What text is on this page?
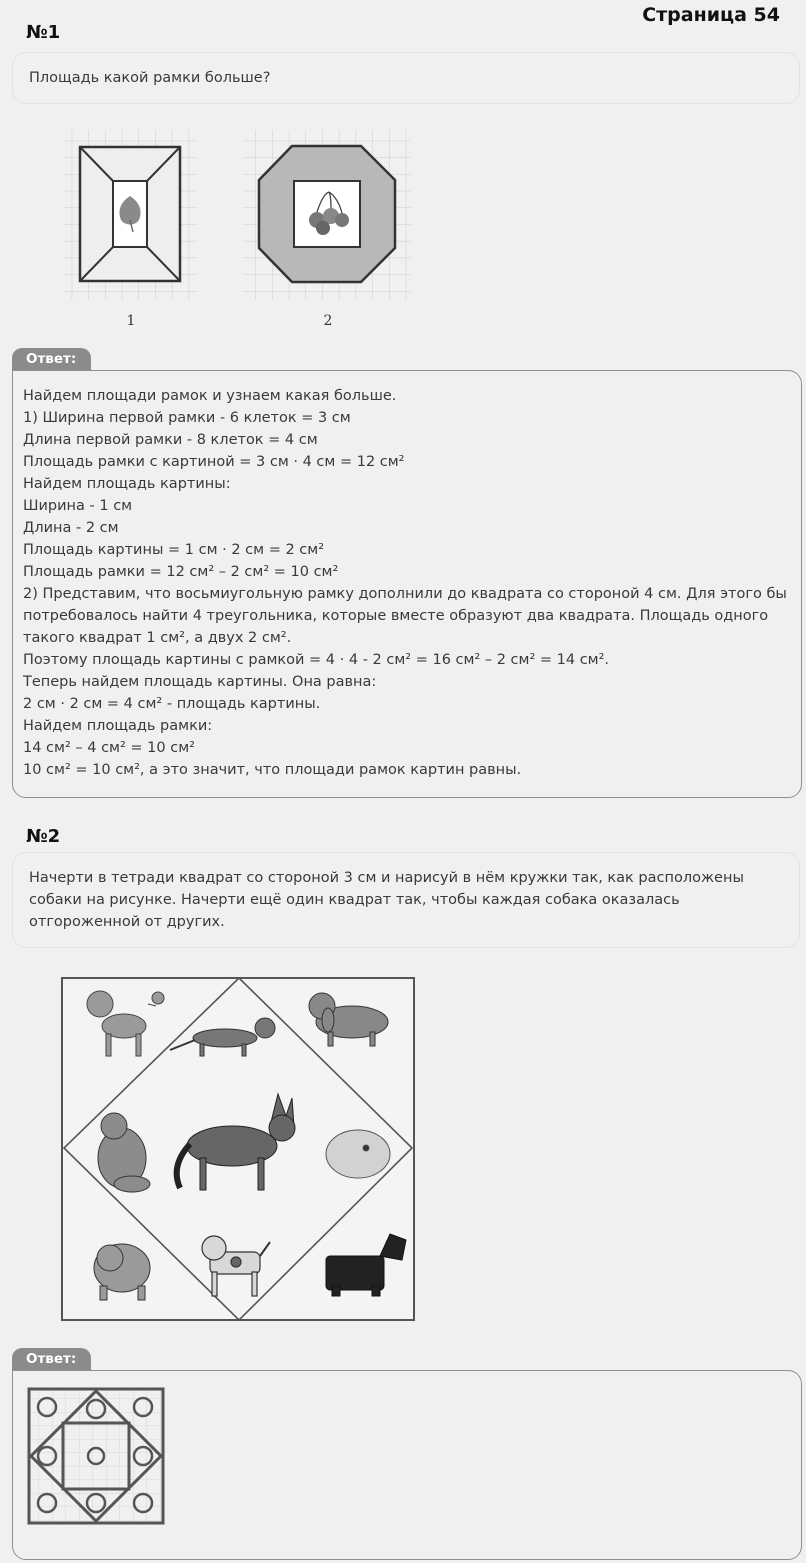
Страница 54
№1
Площадь какой рамки больше?
1	2
Ответ:
Найдем площади рамок и узнаем какая больше.
1) Ширина первой рамки - 6 клеток = 3 см
Длина первой рамки - 8 клеток = 4 см
Площадь рамки с картиной = 3 см · 4 см = 12 см²
Найдем площадь картины:
Ширина - 1 см
Длина - 2 см
Площадь картины = 1 см · 2 см = 2 см²
Площадь рамки = 12 см² – 2 см² = 10 см²
2) Представим, что восьмиугольную рамку дополнили до квадрата со стороной 4 см. Для этого бы потребовалось найти 4 треугольника, которые вместе образуют два квадрата. Площадь одного такого квадрат 1 см², а двух 2 см².
Поэтому площадь картины с рамкой = 4 · 4 - 2 см² = 16 см² – 2 см² = 14 см².
Теперь найдем площадь картины. Она равна:
2 см · 2 см = 4 см² - площадь картины.
Найдем площадь рамки:
14 см² – 4 см² = 10 см²
10 см² = 10 см², а это значит, что площади рамок картин равны.
№2
Начерти в тетради квадрат со стороной 3 см и нарисуй в нём кружки так, как расположены собаки на рисунке. Начерти ещё один квадрат так, чтобы каждая собака оказалась отгороженной от других.
Ответ:
